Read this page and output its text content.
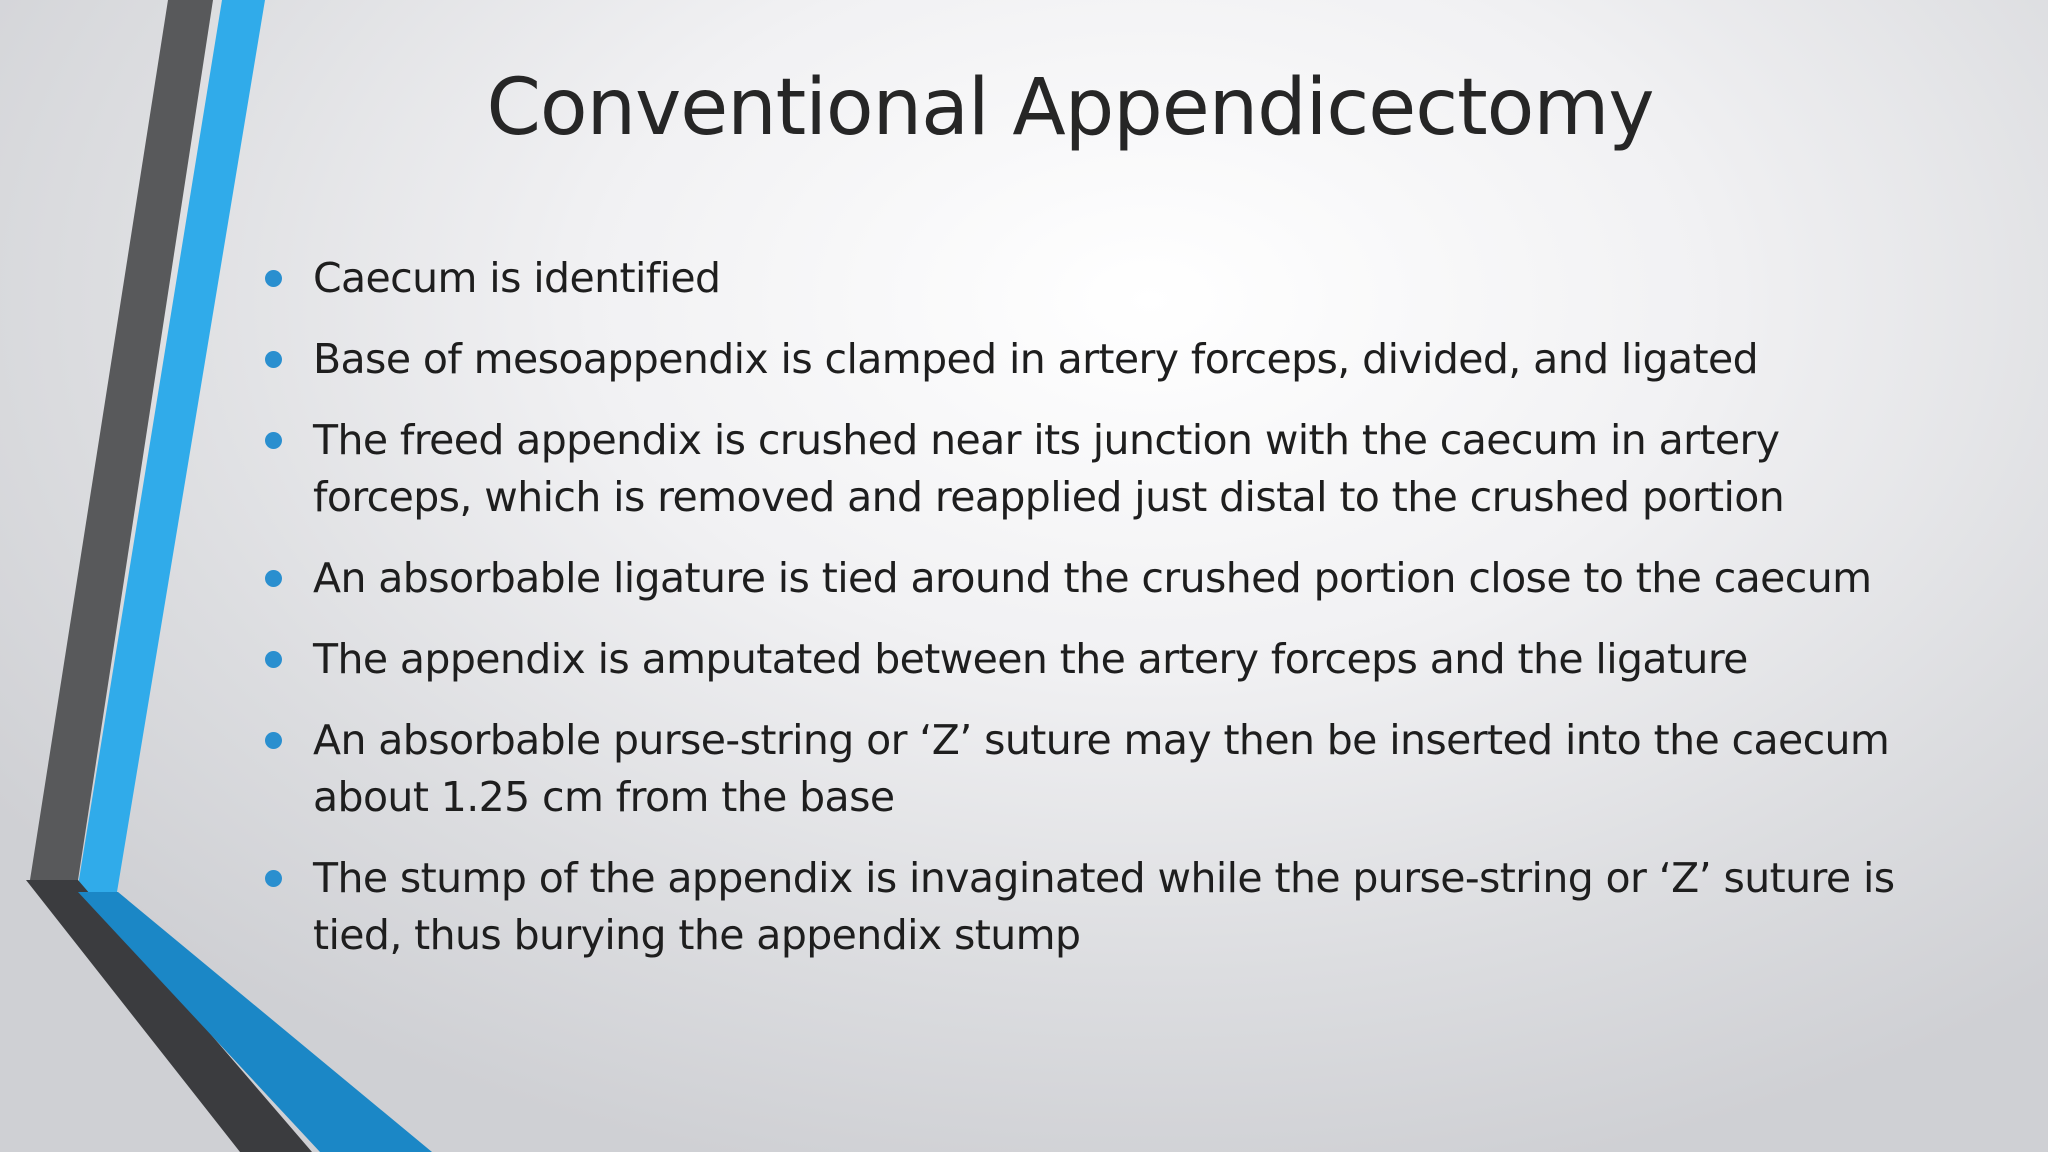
Conventional Appendicectomy
Caecum is identified
Base of mesoappendix is clamped in artery forceps, divided, and ligated
The freed appendix is crushed near its junction with the caecum in artery forceps, which is removed and reapplied just distal to the crushed portion
An absorbable ligature is tied around the crushed portion close to the caecum
The appendix is amputated between the artery forceps and the ligature
An absorbable purse-string or ‘Z’ suture may then be inserted into the caecum about 1.25 cm from the base
The stump of the appendix is invaginated while the purse-string or ‘Z’ suture is tied, thus burying the appendix stump
